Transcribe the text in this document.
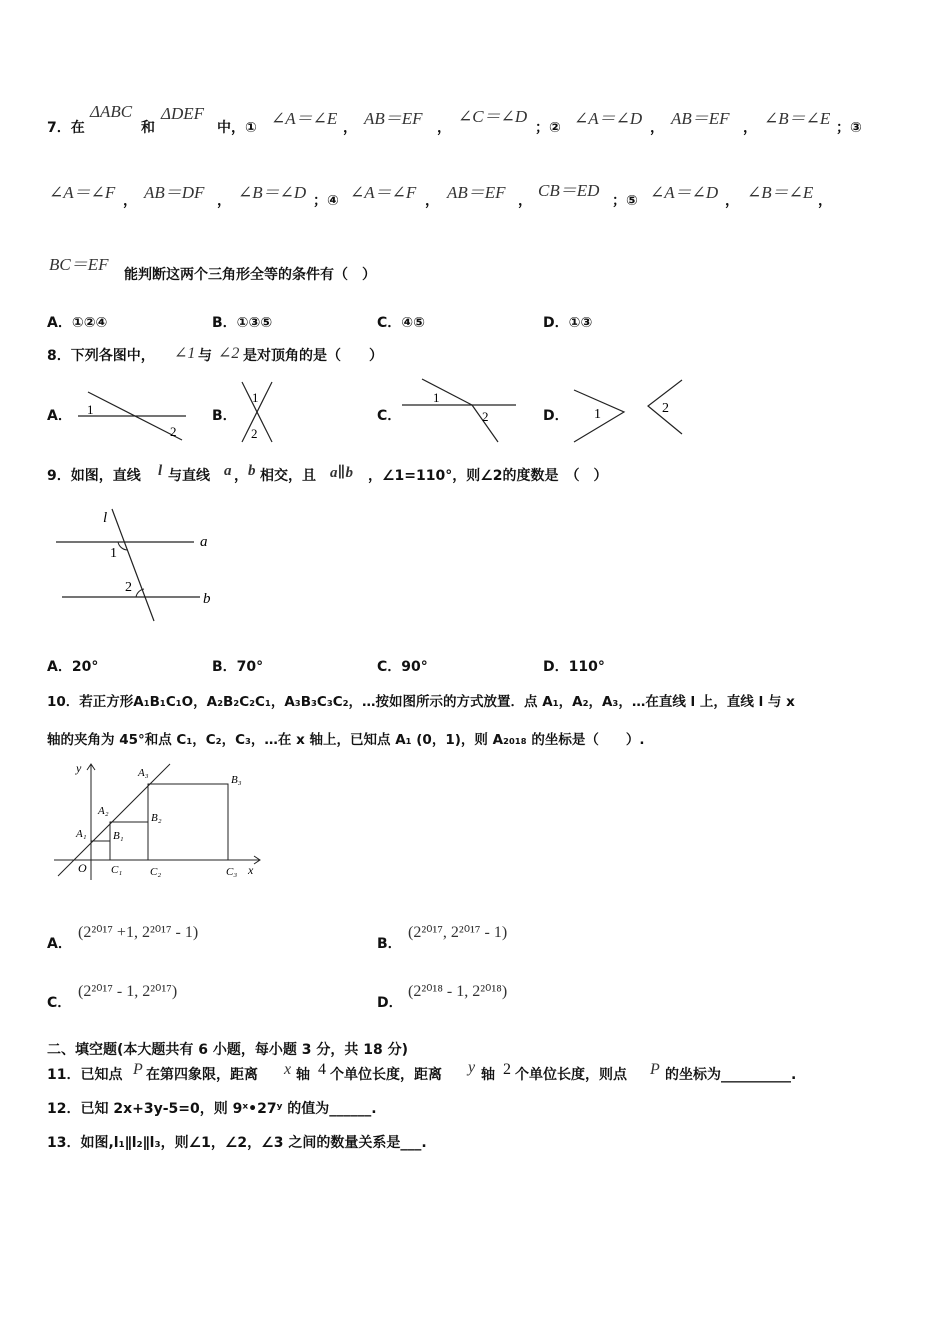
7．在
ΔABC
和
ΔDEF
中，① ∠A＝∠E ， AB＝EF ，
∠C＝∠D
；② ∠A＝∠D ， AB＝EF ， ∠B＝∠E ；③
∠A＝∠F ， AB＝DF ， ∠B＝∠D ；④ ∠A＝∠F ， AB＝EF ，
CB＝ED
；⑤ ∠A＝∠D ， ∠B＝∠E ，
BC＝EF
能判断这两个三角形全等的条件有（　）
A．①②④	B．①③⑤	C．④⑤	D．①③
8．下列各图中， ∠1 与 ∠2 是对顶角的是（　　）
A． 1
2
B．
1
2
C．
1
2	D． 1	2
9．如图，直线 l 与直线 a ， b 相交，且 a∥b ，∠1=110°，则∠2的度数是　（　）
l
a
b
1
2
A．20°	B．70°	C．90°	D．110°
10．若正方形A₁B₁C₁O，A₂B₂C₂C₁，A₃B₃C₃C₂，…按如图所示的方式放置．点 A₁，A₂，A₃，…在直线 l 上，直线 l 与 x
轴的夹角为 45°和点 C₁，C₂，C₃，…在 x 轴上，已知点 A₁ (0，1)，则 A₂₀₁₈ 的坐标是（　　）.
y
x
O
A₁
A₂
A₃
B₁
B₂
B₃
C₁	C₂	C₃
A．
(2²⁰¹⁷ +1, 2²⁰¹⁷ - 1)
B．
(2²⁰¹⁷, 2²⁰¹⁷ - 1)
C．
(2²⁰¹⁷ - 1, 2²⁰¹⁷)
D．
(2²⁰¹⁸ - 1, 2²⁰¹⁸)
二、填空题(本大题共有 6 小题，每小题 3 分，共 18 分)
11．已知点 P 在第四象限，距离 x 轴 4 个单位长度，距离 y 轴 2 个单位长度，则点 P 的坐标为__________.
12．已知 2x+3y-5=0，则 9ˣ•27ʸ 的值为______.
13．如图,l₁∥l₂∥l₃，则∠1，∠2，∠3 之间的数量关系是___.
